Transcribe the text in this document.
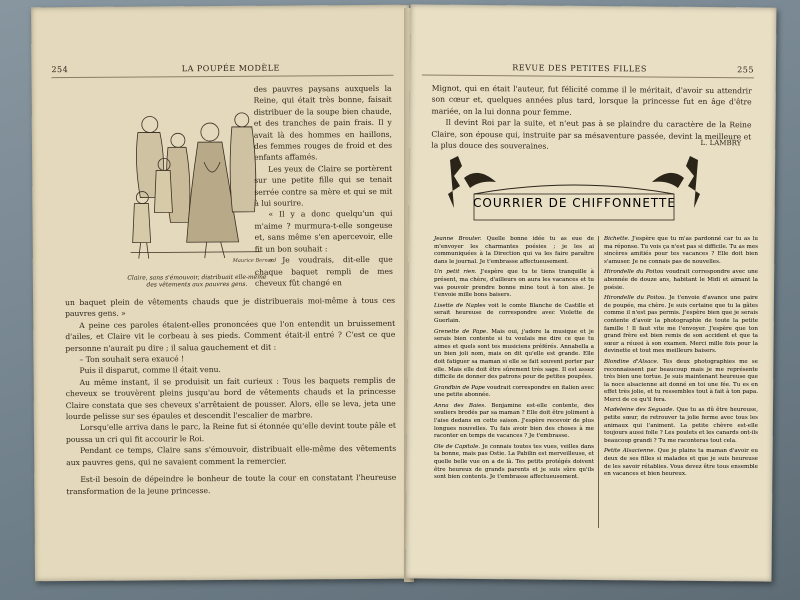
254	LA POUPÉE MODÈLE
Maurice Bernard
Claire, sans s'émouvoir, distribuait elle-même des vêtements aux pauvres gens.

des pauvres paysans auxquels la Reine, qui était très bonne, faisait distribuer de la soupe bien chaude, et des tranches de pain frais. Il y avait là des hommes en haillons, des femmes rouges de froid et des enfants affamés.

Les yeux de Claire se portèrent sur une petite fille qui se tenait serrée contre sa mère et qui se mit à lui sourire.

« Il y a donc quelqu'un qui m'aime ? murmura-t-elle songeuse et, sans même s'en apercevoir, elle fit un bon souhait :

« Je voudrais, dit-elle que chaque baquet rempli de mes cheveux fût changé en

un baquet plein de vêtements chauds que je distribuerais moi-même à tous ces pauvres gens. »

A peine ces paroles étaient-elles prononcées que l'on entendit un bruissement d'ailes, et Claire vit le corbeau à ses pieds. Comment était-il entré ? C'est ce que personne n'aurait pu dire ; il salua gauchement et dit :

– Ton souhait sera exaucé !

Puis il disparut, comme il était venu.

Au même instant, il se produisit un fait curieux : Tous les baquets remplis de cheveux se trouvèrent pleins jusqu'au bord de vêtements chauds et la princesse Claire constata que ses cheveux s'arrêtaient de pousser. Alors, elle se leva, jeta une lourde pelisse sur ses épaules et descendit l'escalier de marbre.

Lorsqu'elle arriva dans le parc, la Reine fut si étonnée qu'elle devint toute pâle et poussa un cri qui fit accourir le Roi.

Pendant ce temps, Claire sans s'émouvoir, distribuait elle-même des vêtements aux pauvres gens, qui ne savaient comment la remercier.

Est-il besoin de dépeindre le bonheur de toute la cour en constatant l'heureuse transformation de la jeune princesse.

REVUE DES PETITES FILLES	255

Mignot, qui en était l'auteur, fut félicité comme il le méritait, d'avoir su attendrir son cœur et, quelques années plus tard, lorsque la princesse fut en âge d'être mariée, on la lui donna pour femme.

Il devint Roi par la suite, et n'eut pas à se plaindre du caractère de la Reine Claire, son épouse qui, instruite par sa mésaventure passée, devint la meilleure et la plus douce des souveraines.	L. LAMBRY
COURRIER DE CHIFFONNETTE

Jeanne Brouter. Quelle bonne idée tu as eue de m'envoyer les charmantes poésies ; je les ai communiquées à la Direction qui va les faire paraître dans le journal. Je t'embrasse affectueusement.

Un petit rien. J'espère que tu te tiens tranquille à présent, ma chère, d'ailleurs on aura les vacances et tu vas pouvoir prendre bonne mine tout à ton aise. Je t'envoie mille bons baisers.

Lisette de Naples voit le comte Blanche de Castille et serait heureuse de correspondre avec Violette de Guerlain.

Grenette de Pape. Mais oui, j'adore la musique et je serais bien contente si tu voulais me dire ce que tu aimes et quels sont tes musiciens préférés. Annabella a un bien joli nom, mais on dit qu'elle est grande. Elle doit fatiguer sa maman si elle se fait souvent porter par elle. Mais elle doit être sûrement très sage. Il est assez difficile de donner des patrons pour de petites poupées.

Grandbin de Pape voudrait correspondre en italien avec une petite abonnée.

Anna des Baies. Benjamine est-elle contente, des souliers brodés par sa maman ? Elle doit être joliment à l'aise dedans en cette saison. J'espère recevoir de plus longues nouvelles. Tu fais avoir bien des choses à me raconter en temps de vacances ? Je t'embrasse.

Ole de Capitole. Je connais toutes tes vues, veilles dans ta bonne, mais pas Ostie. La Pabilin est merveilleuse, et quelle belle vue on a de là. Tes petits protégés doivent être heureux de grands parents et je suis sûre qu'ils sont bien contents. Je t'embrasse affectueusement.

Bichette. J'espère que tu m'as pardonné car tu as lu ma réponse. Tu vois ça n'est pas si difficile. Tu as mes sincères amitiés pour tes vacances ? Elle doit bien s'amuser. Je ne connais pas de nouvelles.

Hirondelle du Poitou voudrait correspondre avec une abonnée de douze ans, habitant le Midi et aimant la poésie.

Hirondelle du Poitou. Je t'envoie d'avance une paire de poupée, ma chère. Je suis certaine que tu la gâtes comme il n'est pas permis. J'espère bien que je serais contente d'avoir la photographie de toute la petite famille ! Il faut vite me l'envoyer. J'espère que ton grand frère est bien remis de son accident et que ta sœur a réussi à son examen. Merci mille fois pour la devinette et tout mes meilleurs baisers.

Blondine d'Alsace. Tes deux photographies me se reconnaissent par beaucoup mais je me représente très bien une tortue. Je suis maintenant heureuse que la noce alsacienne ait donné en toi une fée. Tu es en effet très jolie, et tu ressembles tout à fait à ton papa. Merci de ce qu'il fera.

Madeleine des Seguade. Que tu as dû être heureuse, petite sœur, de retrouver ta jolie ferme avec tous les animaux qui l'animent. La petite chèvre est-elle toujours aussi folle ? Les poulets et les canards ont-ils beaucoup grandi ? Tu me raconteras tout cela.

Petite Alsacienne. Que je plains ta maman d'avoir eu deux de ses filles si malades et que je suis heureuse de les savoir rétablies. Vous devez être tous ensemble en vacances et bien heureux.
